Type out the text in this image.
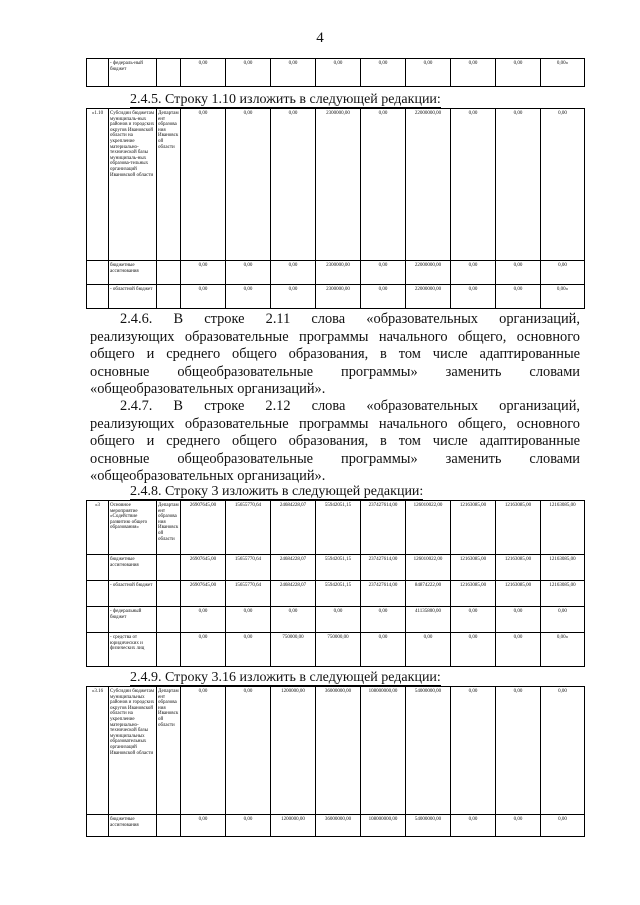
4
	- федераль-ный бюджет		0,00	0,00	0,00	0,00	0,00	0,00	0,00	0,00	0,00»
2.4.5. Строку 1.10 изложить в следующей редакции:
«1.10	Субсидии бюджетам муниципаль-ных районов и городских округов Ивановской области на укрепление материально-технической базы муниципаль-ных образова-тельных организаций Ивановской области	Департамент образования Ивановской области	0,00	0,00	0,00	2300000,00	0,00	22000000,00	0,00	0,00	0,00
	бюджетные ассигнования		0,00	0,00	0,00	2300000,00	0,00	22000000,00	0,00	0,00	0,00
	- областной бюджет		0,00	0,00	0,00	2300000,00	0,00	22000000,00	0,00	0,00	0,00»

2.4.6.   В   строке   2.11   слова   «образовательных   организаций,

реализующих образовательные программы начального общего, основного

общего и среднего общего образования, в том числе адаптированные

основные     общеобразовательные     программы»     заменить     словами

«общеобразовательных организаций».

2.4.7.   В   строке   2.12   слова   «образовательных   организаций,

реализующих образовательные программы начального общего, основного

общего и среднего общего образования, в том числе адаптированные

основные     общеобразовательные     программы»     заменить     словами

«общеобразовательных организаций».

2.4.8. Строку 3 изложить в следующей редакции:
«3	Основное мероприятие «Содействие развитию общего образования»	Департамент образования Ивановской области	26907645,00	15655770,64	24684228,07	55942051,15	237427614,00	126010022,00	12163085,00	12163085,00	12163085,00
	бюджетные ассигнования		26907645,00	15655770,64	24684228,07	55942051,15	237427614,00	126010022,00	12163085,00	12163085,00	12163085,00
	- областной бюджет		26907645,00	15655770,64	24684228,07	55942051,15	237427614,00	84874222,00	12163085,00	12163085,00	12163085,00
	- федеральный бюджет		0,00	0,00	0,00	0,00	0,00	41135800,00	0,00	0,00	0,00
	- средства от юридических и физических лиц		0,00	0,00	750000,00	750000,00	0,00	0,00	0,00	0,00	0,00»
2.4.9. Строку 3.16 изложить в следующей редакции:
«3.16	Субсидии бюджетам муниципальных районов и городских округов Ивановской области на укрепление материально-технической базы муниципальных образовательных организаций Ивановской области	Департамент образования Ивановской области	0,00	0,00	1200000,00	36000000,00	108000000,00	54000000,00	0,00	0,00	0,00
	бюджетные ассигнования		0,00	0,00	1200000,00	36000000,00	108000000,00	54000000,00	0,00	0,00	0,00
